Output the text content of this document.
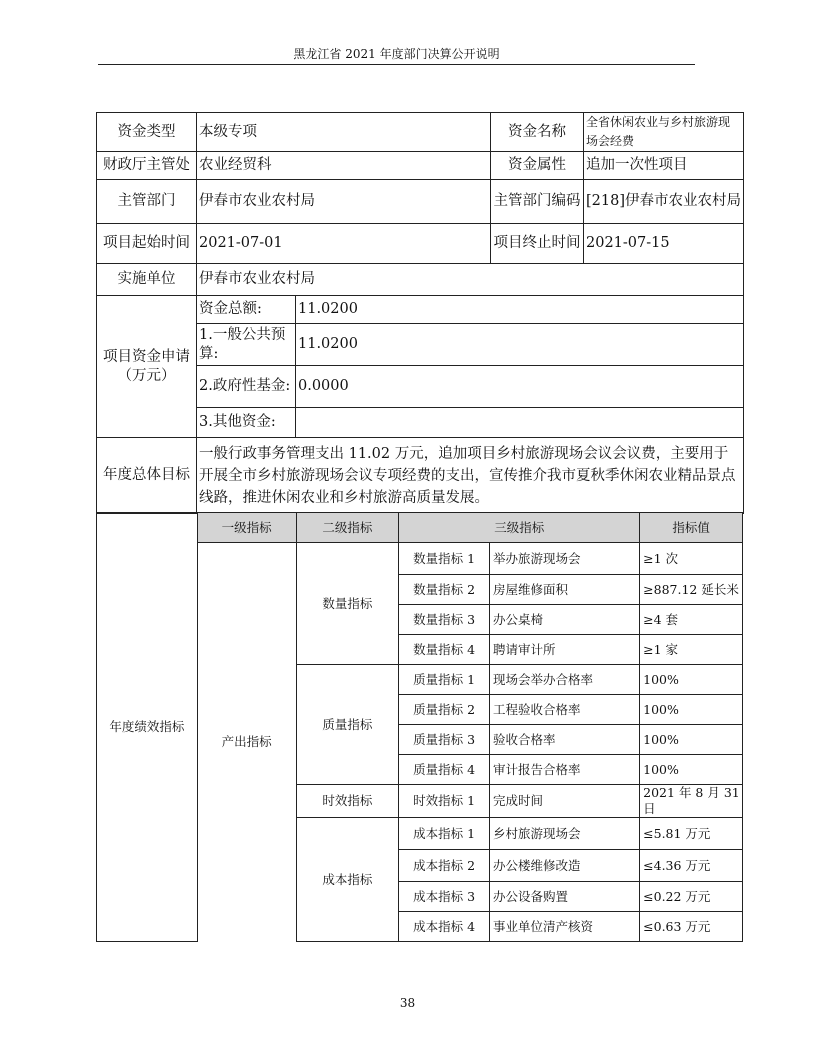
黑龙江省 2021 年度部门决算公开说明
资金类型	本级专项		资金名称	全省休闲农业与乡村旅游现场会经费
财政厅主管处	农业经贸科		资金属性	追加一次性项目
主管部门	伊春市农业农村局		主管部门编码	[218]伊春市农业农村局
项目起始时间	2021-07-01		项目终止时间	2021-07-15
实施单位	伊春市农业农村局			
项目资金申请（万元）	资金总额:	11.0200		
	1.一般公共预算:	11.0200		
	2.政府性基金:	0.0000		
	3.其他资金:			
年度总体目标	一般行政事务管理支出 11.02 万元，追加项目乡村旅游现场会议会议费，主要用于开展全市乡村旅游现场会议专项经费的支出，宣传推介我市夏秋季休闲农业精品景点线路，推进休闲农业和乡村旅游高质量发展。			
年度绩效指标	一级指标	二级指标	三级指标		指标值
	产出指标	数量指标	数量指标 1	举办旅游现场会	≥1 次
			数量指标 2	房屋维修面积	≥887.12 延长米
			数量指标 3	办公桌椅	≥4 套
			数量指标 4	聘请审计所	≥1 家
		质量指标	质量指标 1	现场会举办合格率	100%
			质量指标 2	工程验收合格率	100%
			质量指标 3	验收合格率	100%
			质量指标 4	审计报告合格率	100%
		时效指标	时效指标 1	完成时间	2021 年 8 月 31 日
		成本指标	成本指标 1	乡村旅游现场会	≤5.81 万元
			成本指标 2	办公楼维修改造	≤4.36 万元
			成本指标 3	办公设备购置	≤0.22 万元
			成本指标 4	事业单位清产核资	≤0.63 万元
38
